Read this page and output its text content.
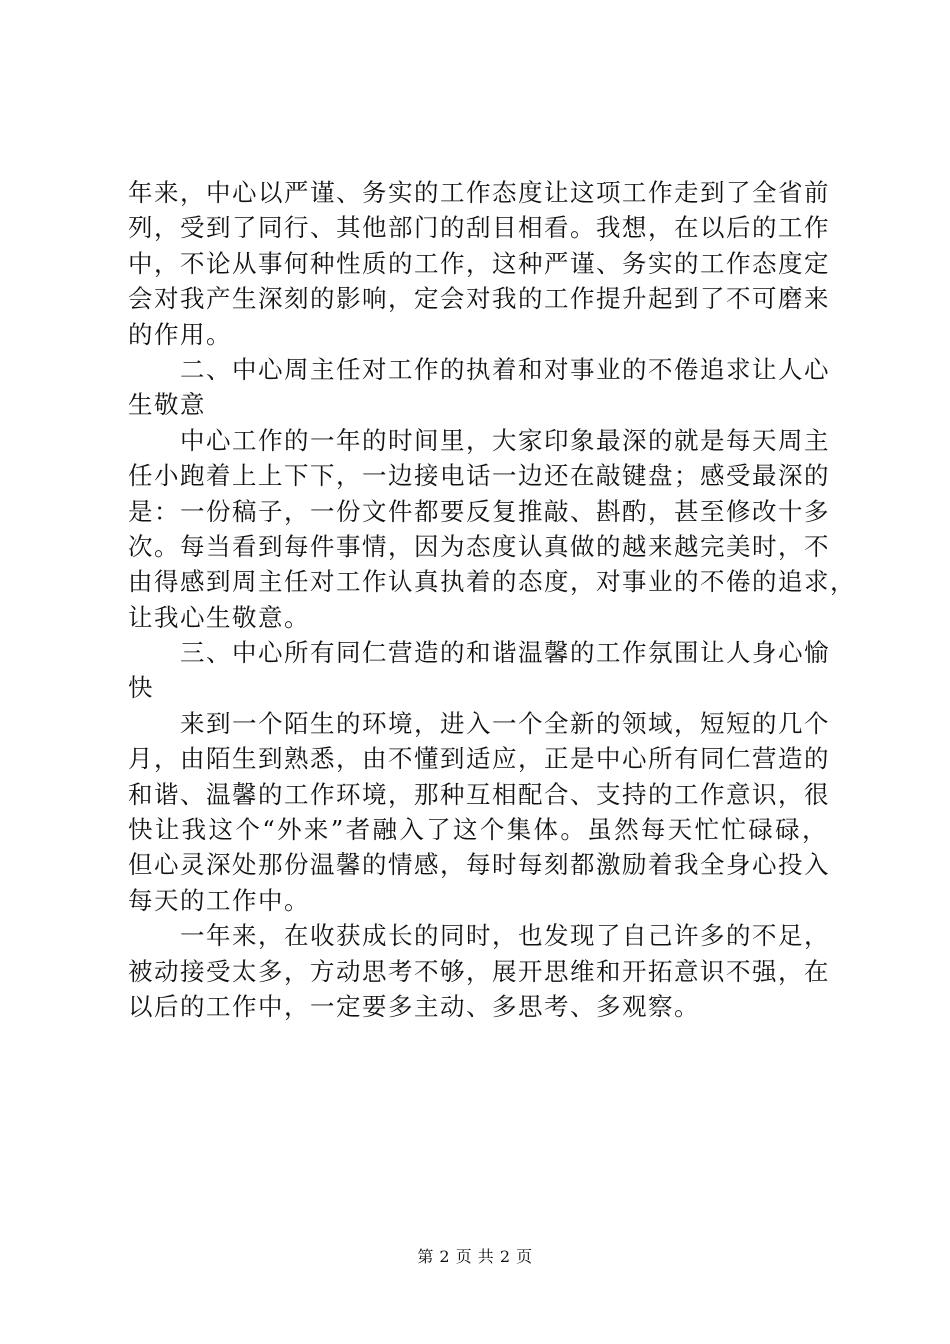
年来，中心以严谨、务实的工作态度让这项工作走到了全省前
列，受到了同行、其他部门的刮目相看。我想，在以后的工作
中，不论从事何种性质的工作，这种严谨、务实的工作态度定
会对我产生深刻的影响，定会对我的工作提升起到了不可磨来
的作用。
二、中心周主任对工作的执着和对事业的不倦追求让人心
生敬意
中心工作的一年的时间里，大家印象最深的就是每天周主
任小跑着上上下下，一边接电话一边还在敲键盘；感受最深的
是：一份稿子，一份文件都要反复推敲、斟酌，甚至修改十多
次。每当看到每件事情，因为态度认真做的越来越完美时，不
由得感到周主任对工作认真执着的态度，对事业的不倦的追求，
让我心生敬意。
三、中心所有同仁营造的和谐温馨的工作氛围让人身心愉
快
来到一个陌生的环境，进入一个全新的领域，短短的几个
月，由陌生到熟悉，由不懂到适应，正是中心所有同仁营造的
和谐、温馨的工作环境，那种互相配合、支持的工作意识，很
快让我这个“外来”者融入了这个集体。虽然每天忙忙碌碌，
但心灵深处那份温馨的情感，每时每刻都激励着我全身心投入
每天的工作中。
一年来，在收获成长的同时，也发现了自己许多的不足，
被动接受太多，方动思考不够，展开思维和开拓意识不强，在
以后的工作中，一定要多主动、多思考、多观察。
第 2 页 共 2 页
